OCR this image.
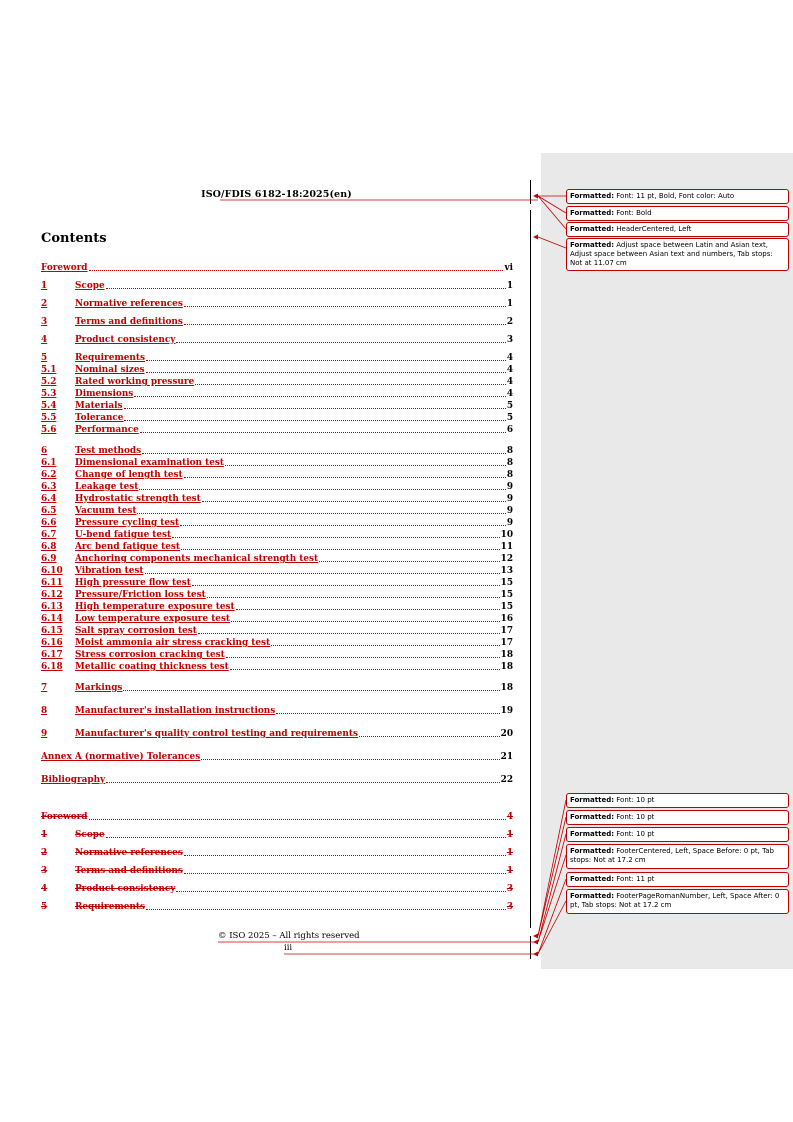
ISO/FDIS 6182-18:2025(en)
Contents
Foreword	vi
1	Scope	1
2	Normative references	1
3	Terms and definitions	2
4	Product consistency	3
5	Requirements	4
5.1	Nominal sizes	4
5.2	Rated working pressure	4
5.3	Dimensions	4
5.4	Materials	5
5.5	Tolerance	5
5.6	Performance	6
6	Test methods	8
6.1	Dimensional examination test	8
6.2	Change of length test	8
6.3	Leakage test	9
6.4	Hydrostatic strength test	9
6.5	Vacuum test	9
6.6	Pressure cycling test	9
6.7	U-bend fatigue test	10
6.8	Arc bend fatigue test	11
6.9	Anchoring components mechanical strength test	12
6.10	Vibration test	13
6.11	High pressure flow test	15
6.12	Pressure/Friction loss test	15
6.13	High temperature exposure test	15
6.14	Low temperature exposure test	16
6.15	Salt spray corrosion test	17
6.16	Moist ammonia air stress cracking test	17
6.17	Stress corrosion cracking test	18
6.18	Metallic coating thickness test	18
7	Markings	18
8	Manufacturer's installation instructions	19
9	Manufacturer's quality control testing and requirements	20
Annex A (normative) Tolerances	21
Bibliography	22
Foreword	4
1	Scope	1
2	Normative references	1
3	Terms and definitions	1
4	Product consistency	3
5	Requirements	3
© ISO 2025 – All rights reserved
iii
Formatted: Font: 11 pt, Bold, Font color: Auto
Formatted: Font: Bold
Formatted: HeaderCentered, Left
Formatted: Adjust space between Latin and Asian text, Adjust space between Asian text and numbers, Tab stops: Not at 11.07 cm
Formatted: Font: 10 pt
Formatted: Font: 10 pt
Formatted: Font: 10 pt
Formatted: FooterCentered, Left, Space Before: 0 pt, Tab stops: Not at 17.2 cm
Formatted: Font: 11 pt
Formatted: FooterPageRomanNumber, Left, Space After: 0 pt, Tab stops: Not at 17.2 cm
